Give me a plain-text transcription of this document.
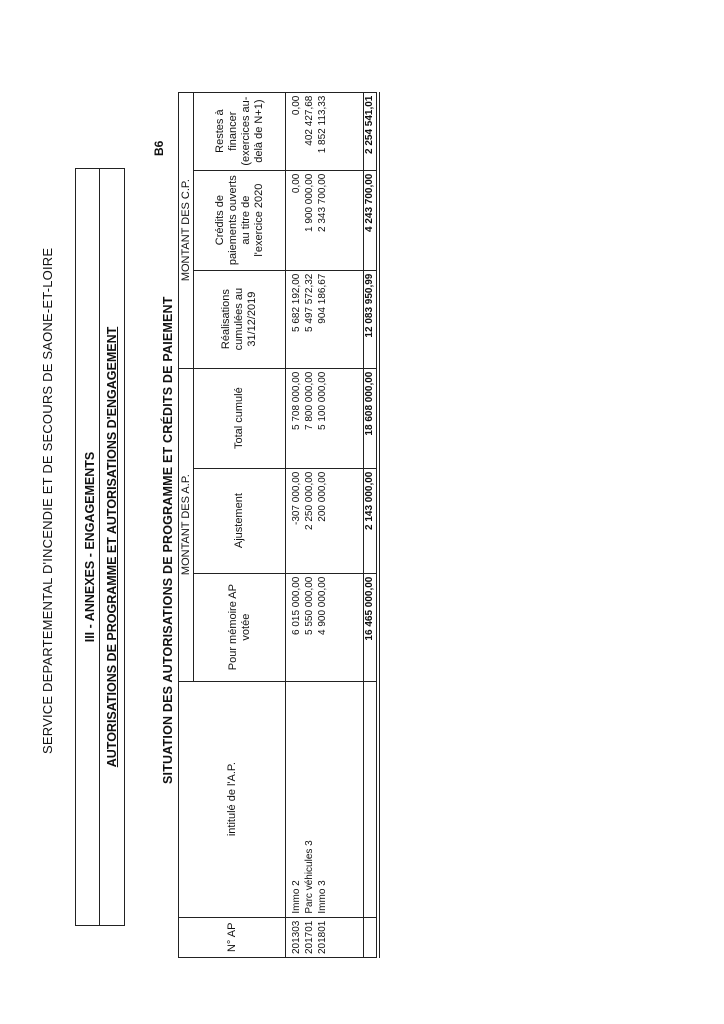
SERVICE DEPARTEMENTAL D'INCENDIE ET DE SECOURS DE SAONE-ET-LOIRE
B6
III - ANNEXES - ENGAGEMENTS AUTORISATIONS DE PROGRAMME ET AUTORISATIONS D'ENGAGEMENT	SITUATION DES AUTORISATIONS DE PROGRAMME ET CRÉDITS DE PAIEMENT
N° AP	intitulé de l'A.P.	MONTANT DES A.P.			MONTANT DES C.P.		
		Pour mémoire AP votée	Ajustement	Total cumulé	Réalisations cumulées au 31/12/2019	Crédits de paiements ouverts au titre de l'exercice 2020	Restes à financer (exercices au-delà de N+1)
201303	Immo 2	6 015 000,00	-307 000,00	5 708 000,00	5 682 192,00	0,00	0,00
201701	Parc véhicules 3	5 550 000,00	2 250 000,00	7 800 000,00	5 497 572,32	1 900 000,00	402 427,68
201801	Immo 3	4 900 000,00	200 000,00	5 100 000,00	904 186,67	2 343 700,00	1 852 113,33

		16 465 000,00	2 143 000,00	18 608 000,00	12 083 950,99	4 243 700,00	2 254 541,01
